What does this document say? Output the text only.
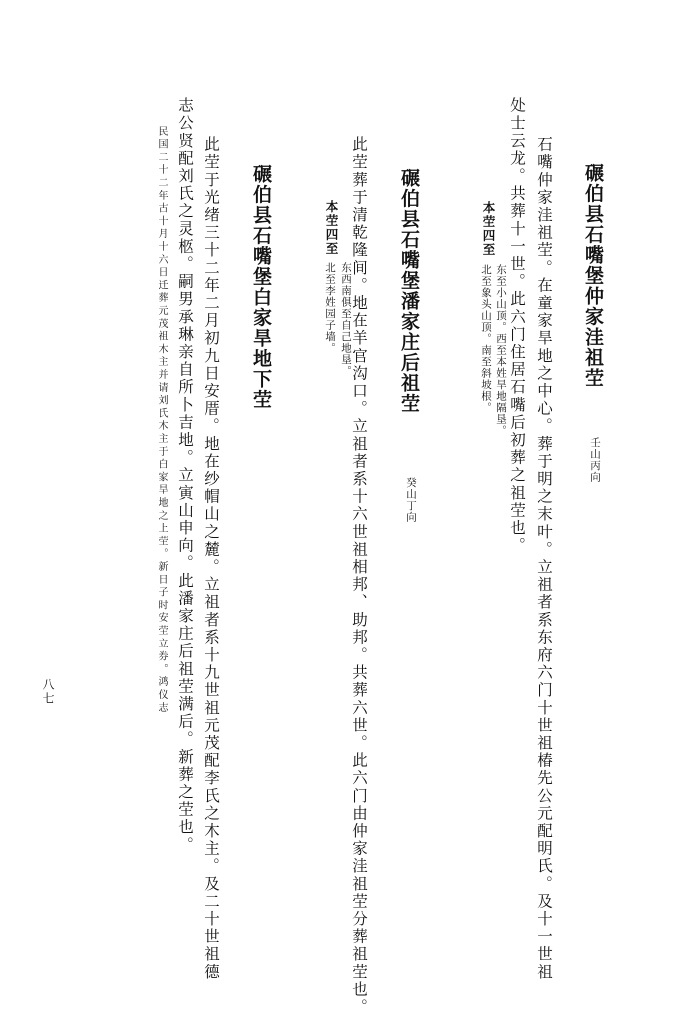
碾伯县石嘴堡仲家洼祖茔
壬山丙向
石嘴仲家洼祖茔。在童家旱地之中心。葬于明之末叶。立祖者系东府六门十世祖椿先公元配明氏。及十一世祖
处士云龙。共葬十一世。此六门住居石嘴后初葬之祖茔也。
本茔四至
东至小山顶。西至本姓旱地隔垦。
北至象头山顶。南至斜坡根。
碾伯县石嘴堡潘家庄后祖茔
癸山丁向
此茔葬于清乾隆间。地在羊官沟口。立祖者系十六世祖相邦、助邦。共葬六世。此六门由仲家洼祖茔分葬祖茔也。
本茔四至
东西南俱至自己地垦。
北至李姓园子墙。
碾伯县石嘴堡白家旱地下茔
此茔于光绪三十二年二月初九日安厝。地在纱帽山之麓。立祖者系十九世祖元茂配李氏之木主。及二十世祖德
志公贤配刘氏之灵柩。嗣男承琳亲自所卜吉地。立寅山申向。此潘家庄后祖茔满后。新葬之茔也。
民国二十二年古十月十六日迁葬元茂祖木主并请刘氏木主于白家旱地之上茔。新日子时安茔立券。鸿仪志
八七
